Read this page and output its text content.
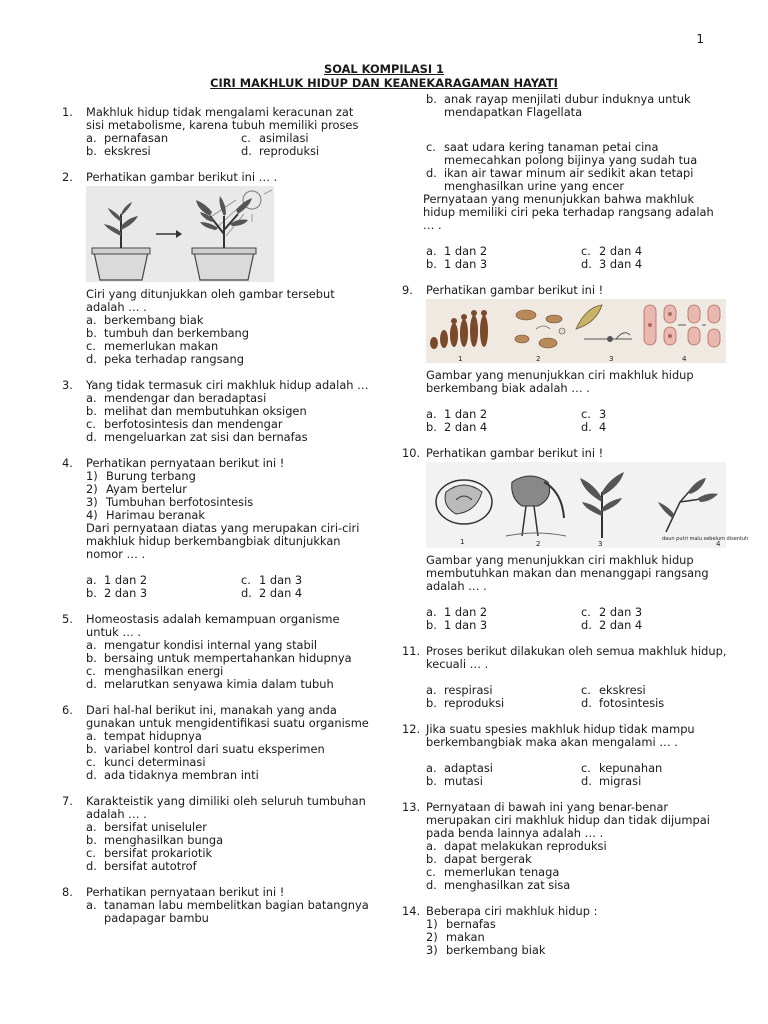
1
SOAL KOMPILASI 1
CIRI MAKHLUK HIDUP DAN KEANEKARAGAMAN HAYATI
1. Makhluk hidup tidak mengalami keracunan zat sisi metabolisme, karena tubuh memiliki proses
a. pernafasan	c. asimilasi
b. ekskresi	d. reproduksi
2. Perhatikan gambar berikut ini … .
Ciri yang ditunjukkan oleh gambar tersebut adalah … .
a. berkembang biak
b. tumbuh dan berkembang
c. memerlukan makan
d. peka terhadap rangsang
3. Yang tidak termasuk ciri makhluk hidup adalah …
a. mendengar dan beradaptasi
b. melihat dan membutuhkan oksigen
c. berfotosintesis dan mendengar
d. mengeluarkan zat sisi dan bernafas
4. Perhatikan pernyataan berikut ini !
1) Burung terbang
2) Ayam bertelur
3) Tumbuhan berfotosintesis
4) Harimau beranak
Dari pernyataan diatas yang merupakan ciri-ciri makhluk hidup berkembangbiak ditunjukkan nomor … .
a. 1 dan 2	c. 1 dan 3
b. 2 dan 3	d. 2 dan 4
5. Homeostasis adalah kemampuan organisme untuk … .
a. mengatur kondisi internal yang stabil
b. bersaing untuk mempertahankan hidupnya
c. menghasilkan energi
d. melarutkan senyawa kimia dalam tubuh
6. Dari hal-hal berikut ini, manakah yang anda gunakan untuk mengidentifikasi suatu organisme
a. tempat hidupnya
b. variabel kontrol dari suatu eksperimen
c. kunci determinasi
d. ada tidaknya membran inti
7. Karakteistik yang dimiliki oleh seluruh tumbuhan adalah … .
a. bersifat uniseluler
b. menghasilkan bunga
c. bersifat prokariotik
d. bersifat autotrof
8. Perhatikan pernyataan berikut ini !
a. tanaman labu membelitkan bagian batangnya padapagar bambu
b. anak rayap menjilati dubur induknya untuk mendapatkan Flagellata
c. saat udara kering tanaman petai cina memecahkan polong bijinya yang sudah tua
d. ikan air tawar minum air sedikit akan tetapi menghasilkan urine yang encer
Pernyataan yang menunjukkan bahwa makhluk hidup memiliki ciri peka terhadap rangsang adalah … .
a. 1 dan 2	c. 2 dan 4
b. 1 dan 3	d. 3 dan 4
9. Perhatikan gambar berikut ini !
1	2	3	4
Gambar yang menunjukkan ciri makhluk hidup berkembang biak adalah … .
a. 1 dan 2	c. 3
b. 2 dan 4	d. 4
10. Perhatikan gambar berikut ini !
1	2	3
daun putri malu sebelum disentuh
4
Gambar yang menunjukkan ciri makhluk hidup membutuhkan makan dan menanggapi rangsang adalah … .
a. 1 dan 2	c. 2 dan 3
b. 1 dan 3	d. 2 dan 4
11. Proses berikut dilakukan oleh semua makhluk hidup, kecuali … .
a. respirasi	c. ekskresi
b. reproduksi	d. fotosintesis
12. Jika suatu spesies makhluk hidup tidak mampu berkembangbiak maka akan mengalami … .
a. adaptasi	c. kepunahan
b. mutasi	d. migrasi
13. Pernyataan di bawah ini yang benar-benar merupakan ciri makhluk hidup dan tidak dijumpai pada benda lainnya adalah … .
a. dapat melakukan reproduksi
b. dapat bergerak
c. memerlukan tenaga
d. menghasilkan zat sisa
14. Beberapa ciri makhluk hidup :
1) bernafas
2) makan
3) berkembang biak
